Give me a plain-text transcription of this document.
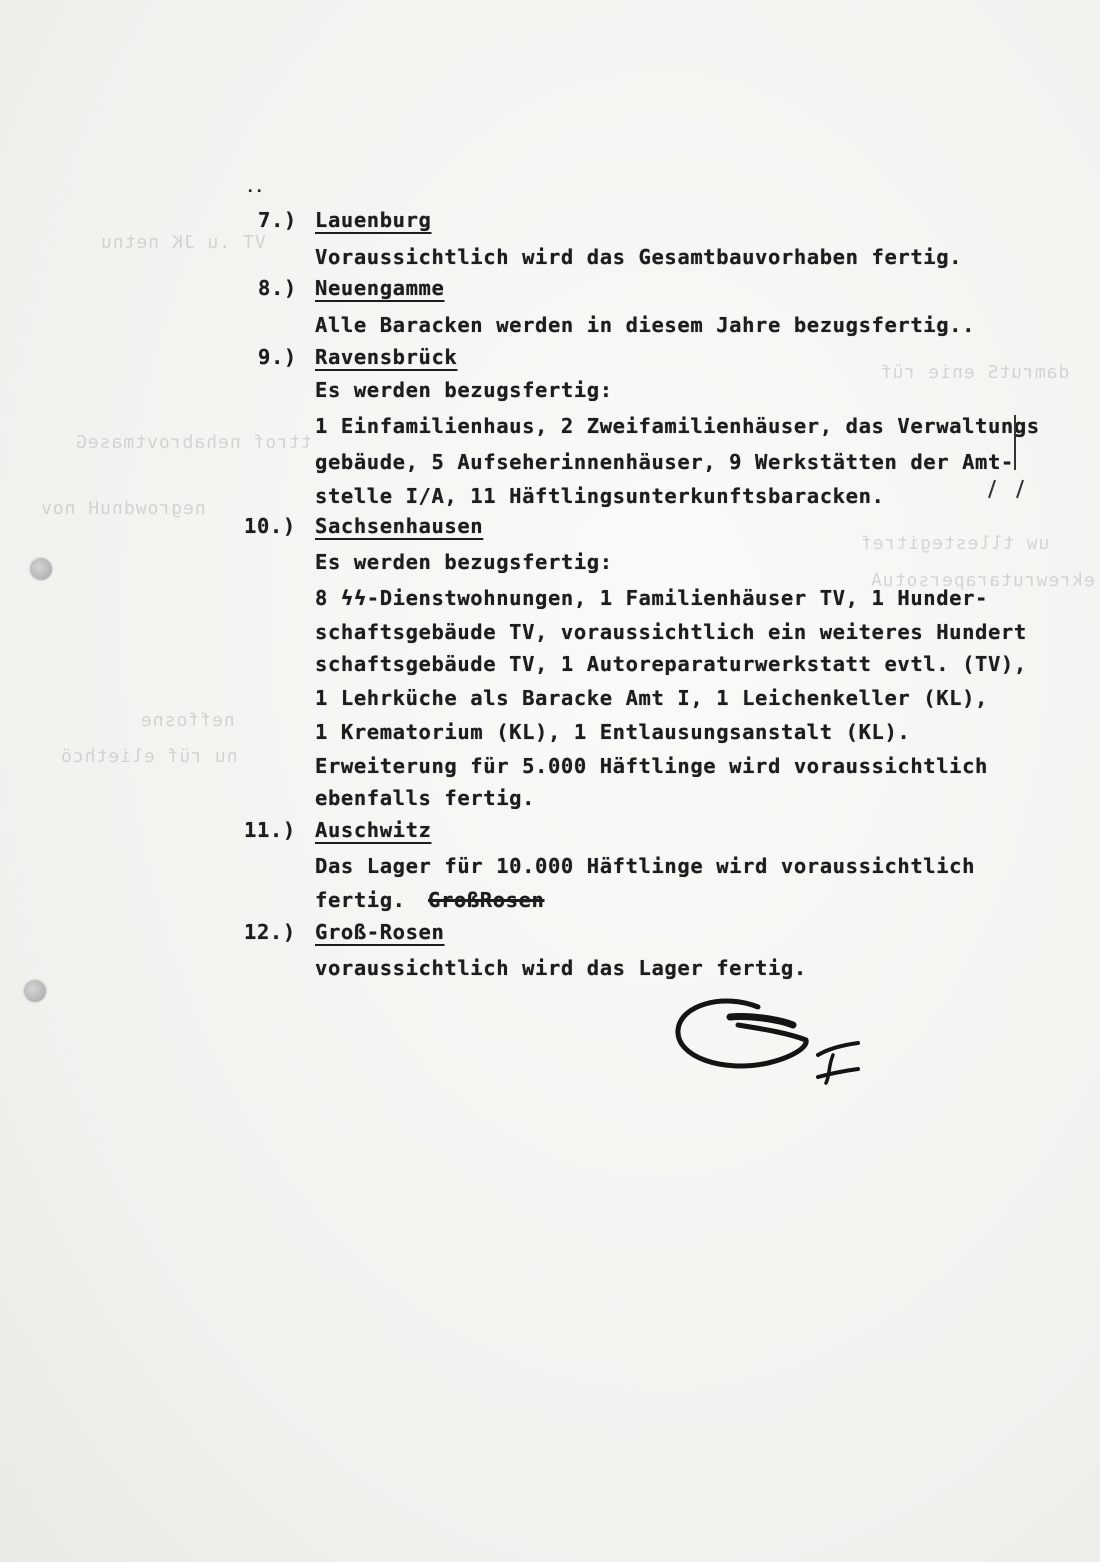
VT .u JK netnu
damrutS enie rüf
ttrof nehabrovtmaseG
negrowdnuH nov
uw tllestegitref
ekrewrutarapersotuA
neffosne
nu rüf eliethcö
..
7.) Lauenburg
Voraussichtlich wird das Gesamtbauvorhaben fertig.
8.) Neuengamme
Alle Baracken werden in diesem Jahre bezugsfertig..
9.) Ravensbrück
Es werden bezugsfertig:
1 Einfamilienhaus, 2 Zweifamilienhäuser, das Verwaltungs
gebäude, 5 Aufseherinnenhäuser, 9 Werkstätten der Amt-
stelle I/A, 11 Häftlingsunterkunftsbaracken.
10.) Sachsenhausen
Es werden bezugsfertig:
8 ϟϟ-Dienstwohnungen, 1 Familienhäuser TV, 1 Hunder-
schaftsgebäude TV, voraussichtlich ein weiteres Hundert
schaftsgebäude TV, 1 Autoreparaturwerkstatt evtl. (TV),
1 Lehrküche als Baracke Amt I, 1 Leichenkeller (KL),
1 Krematorium (KL), 1 Entlausungsanstalt (KL).
Erweiterung für 5.000 Häftlinge wird voraussichtlich
ebenfalls fertig.
11.) Auschwitz
Das Lager für 10.000 Häftlinge wird voraussichtlich
fertig. GroßRosen
12.) Groß-Rosen
voraussichtlich wird das Lager fertig.
